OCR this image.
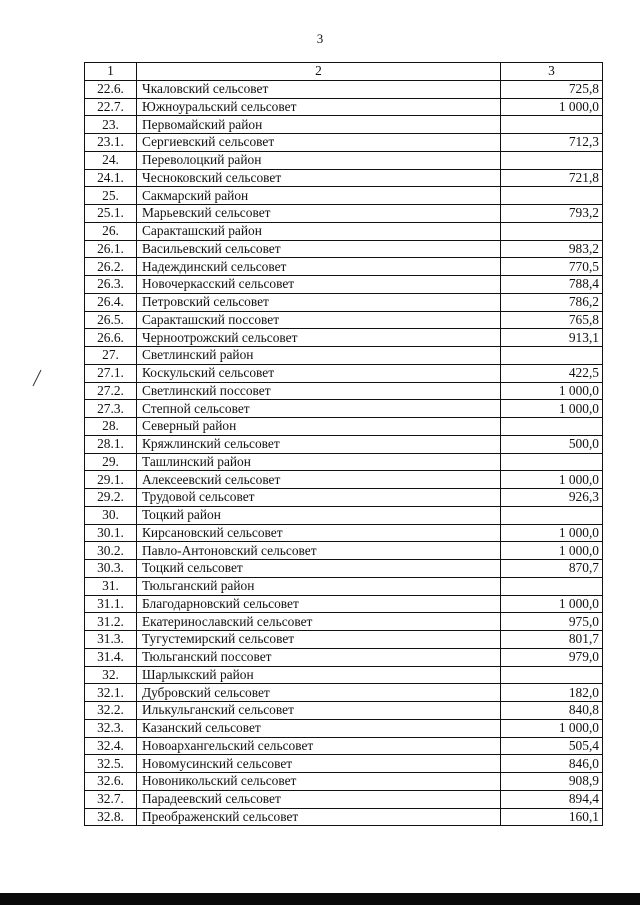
3
1	2	3
22.6.	Чкаловский сельсовет	725,8
22.7.	Южноуральский сельсовет	1 000,0
23.	Первомайский район	
23.1.	Сергиевский сельсовет	712,3
24.	Переволоцкий район	
24.1.	Чесноковский сельсовет	721,8
25.	Сакмарский район	
25.1.	Марьевский сельсовет	793,2
26.	Саракташский район	
26.1.	Васильевский сельсовет	983,2
26.2.	Надеждинский сельсовет	770,5
26.3.	Новочеркасский сельсовет	788,4
26.4.	Петровский сельсовет	786,2
26.5.	Саракташский поссовет	765,8
26.6.	Черноотрожский сельсовет	913,1
27.	Светлинский район	
27.1.	Коскульский сельсовет	422,5
27.2.	Светлинский поссовет	1 000,0
27.3.	Степной сельсовет	1 000,0
28.	Северный район	
28.1.	Кряжлинский сельсовет	500,0
29.	Ташлинский район	
29.1.	Алексеевский сельсовет	1 000,0
29.2.	Трудовой сельсовет	926,3
30.	Тоцкий район	
30.1.	Кирсановский сельсовет	1 000,0
30.2.	Павло-Антоновский сельсовет	1 000,0
30.3.	Тоцкий сельсовет	870,7
31.	Тюльганский район	
31.1.	Благодарновский сельсовет	1 000,0
31.2.	Екатеринославский сельсовет	975,0
31.3.	Тугустемирский сельсовет	801,7
31.4.	Тюльганский поссовет	979,0
32.	Шарлыкский район	
32.1.	Дубровский сельсовет	182,0
32.2.	Илькульганский сельсовет	840,8
32.3.	Казанский сельсовет	1 000,0
32.4.	Новоархангельский сельсовет	505,4
32.5.	Новомусинский сельсовет	846,0
32.6.	Новоникольский сельсовет	908,9
32.7.	Парадеевский сельсовет	894,4
32.8.	Преображенский сельсовет	160,1
